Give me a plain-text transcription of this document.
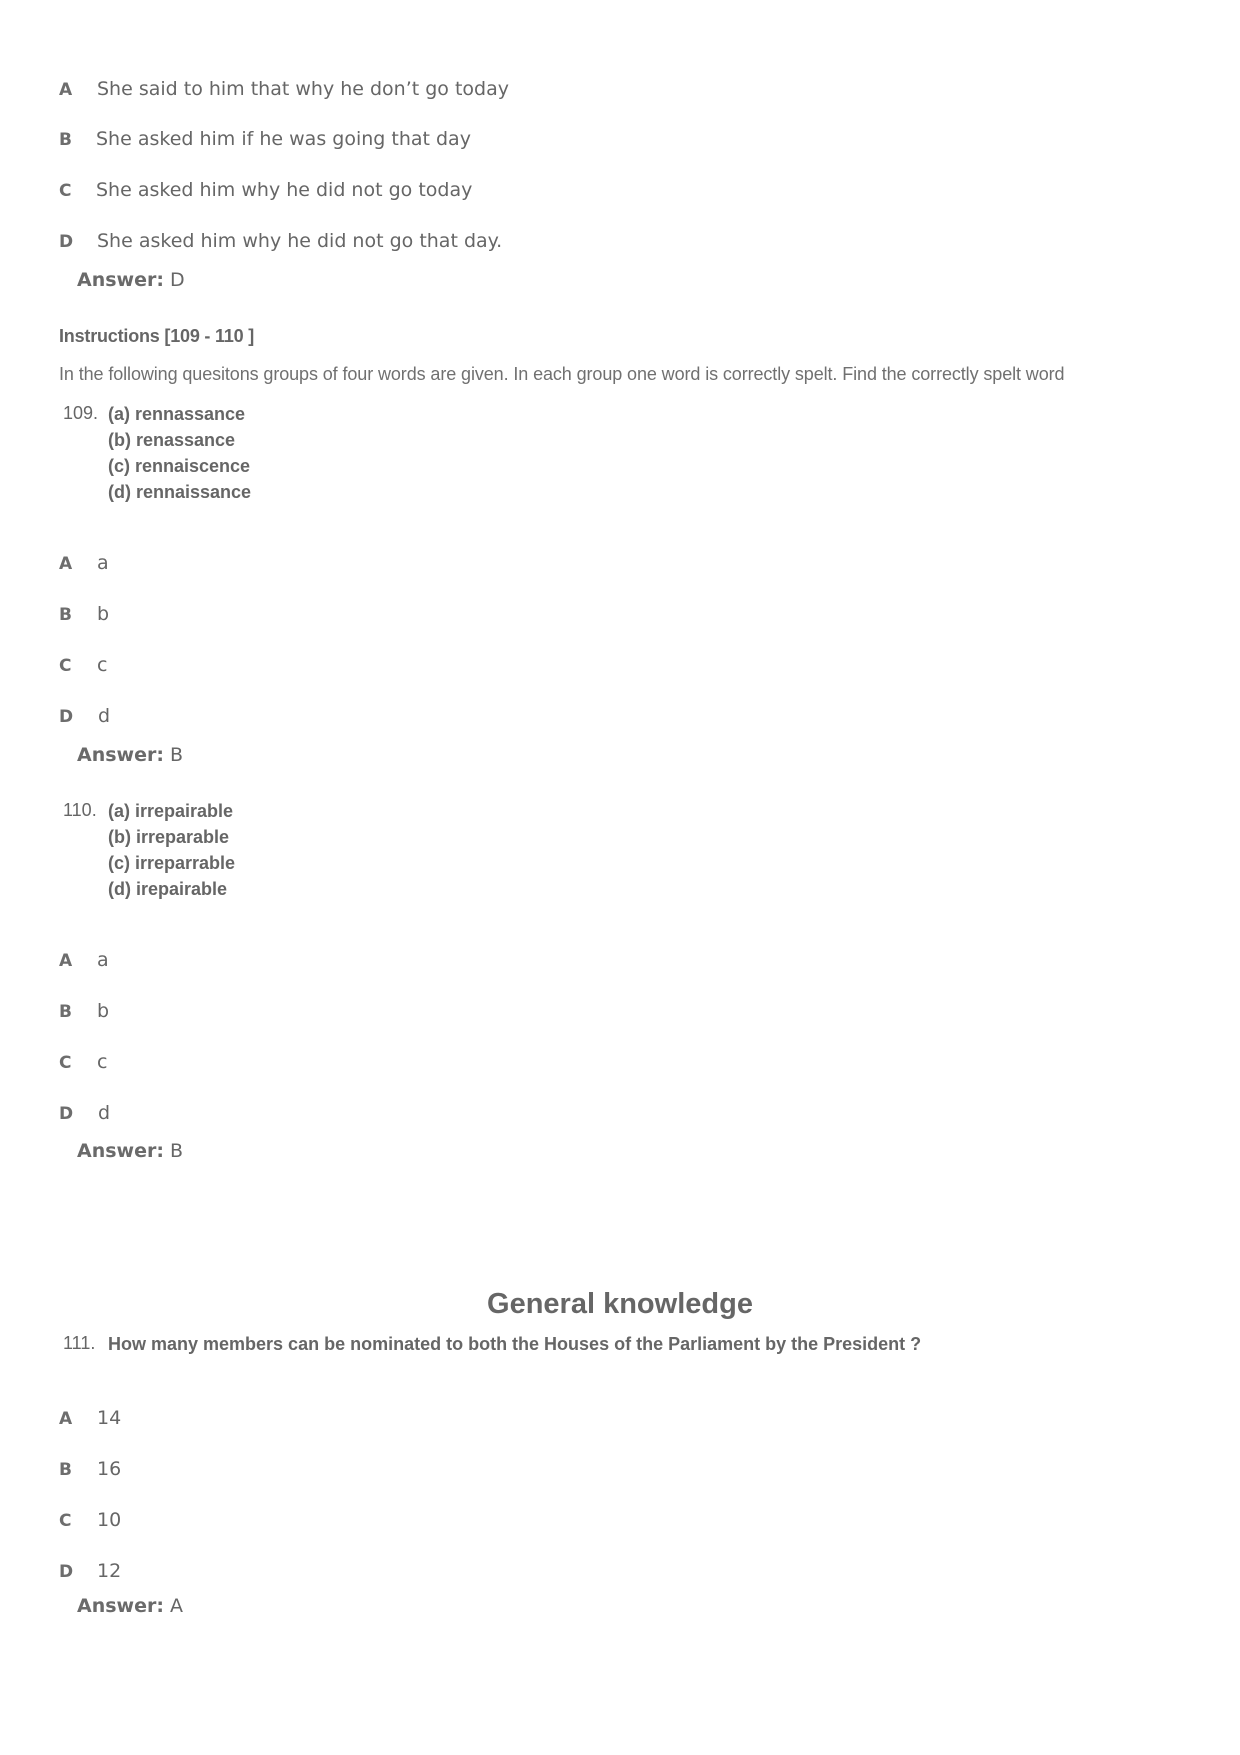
A She said to him that why he don’t go today
B She asked him if he was going that day
C She asked him why he did not go today
D She asked him why he did not go that day.
Answer: D
Instructions [109 - 110 ]
In the following quesitons groups of four words are given. In each group one word is correctly spelt. Find the correctly spelt word
109. (a) rennassance
(b) renassance
(c) rennaiscence
(d) rennaissance
A a
B b
C c
D d
Answer: B
110. (a) irrepairable
(b) irreparable
(c) irreparrable
(d) irepairable
A a
B b
C c
D d
Answer: B
General knowledge
111. How many members can be nominated to both the Houses of the Parliament by the President ?
A 14
B 16
C 10
D 12
Answer: A
